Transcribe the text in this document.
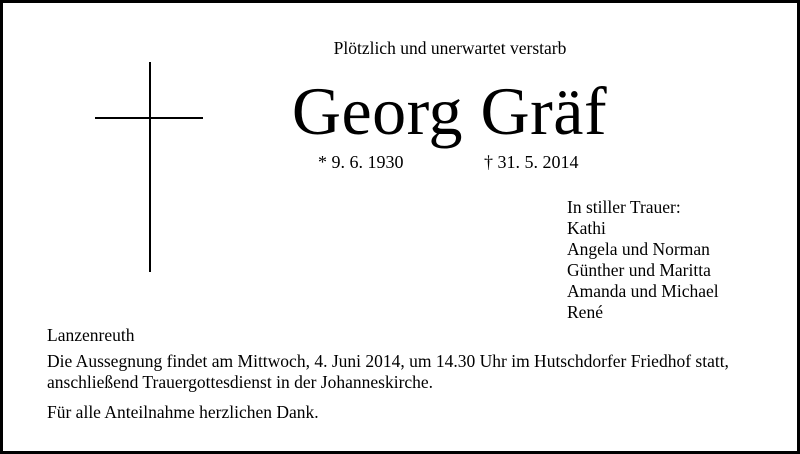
Plötzlich und unerwartet verstarb
Georg Gräf
* 9. 6. 1930	† 31. 5. 2014
In stiller Trauer:
Kathi
Angela und Norman
Günther und Maritta
Amanda und Michael
René
Lanzenreuth
Die Aussegnung findet am Mittwoch, 4. Juni 2014, um 14.30 Uhr im Hutschdorfer Friedhof statt,
anschließend Trauergottesdienst in der Johanneskirche.
Für alle Anteilnahme herzlichen Dank.
